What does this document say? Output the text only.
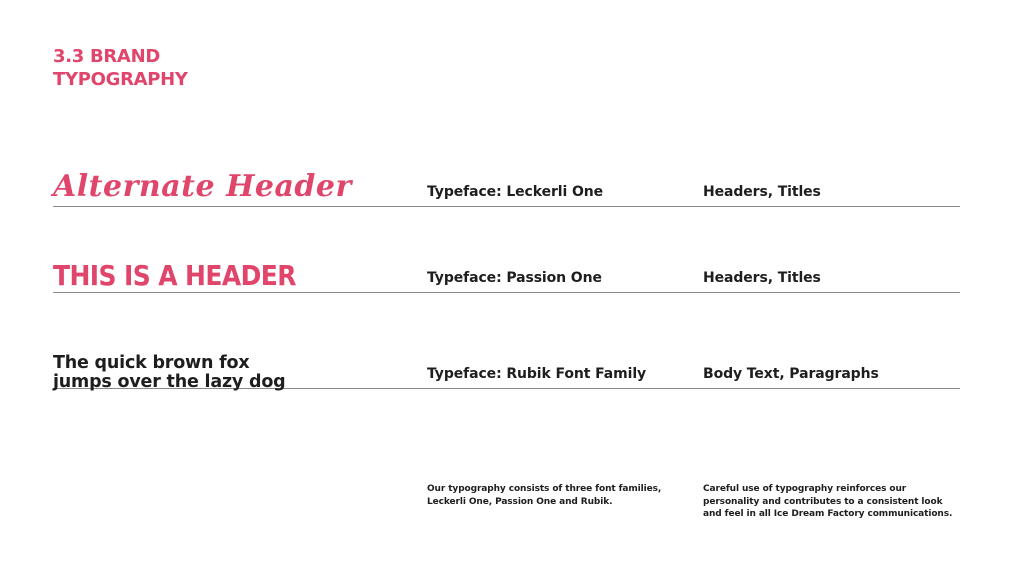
3.3 BRAND
TYPOGRAPHY

Alternate Header	Typeface: Leckerli One	Headers, Titles

THIS IS A HEADER	Typeface: Passion One	Headers, Titles

The quick brown fox
jumps over the lazy dog	Typeface: Rubik Font Family	Body Text, Paragraphs

Our typography consists of three font families,
Leckerli One, Passion One and Rubik.

Careful use of typography reinforces our
personality and contributes to a consistent look
and feel in all Ice Dream Factory communications.
